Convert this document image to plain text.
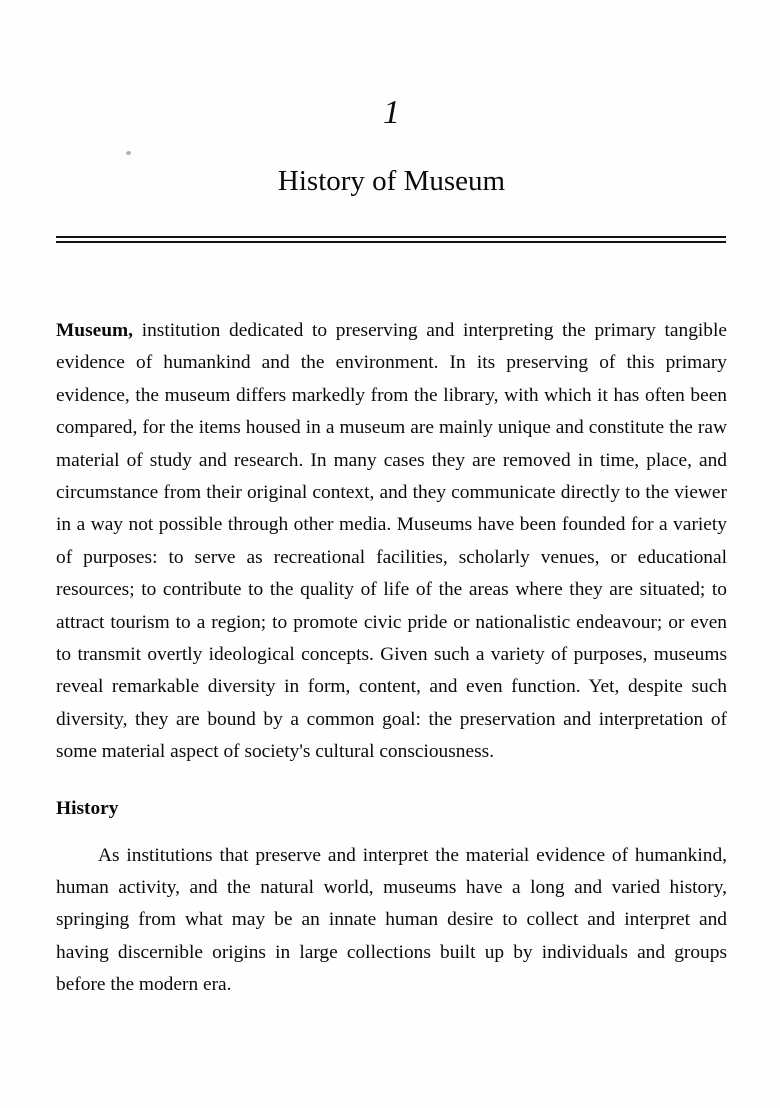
1
History of Museum

Museum, institution dedicated to preserving and interpreting the primary tangible evidence of humankind and the environment. In its preserving of this primary evidence, the museum differs markedly from the library, with which it has often been compared, for the items housed in a museum are mainly unique and constitute the raw material of study and research. In many cases they are removed in time, place, and circumstance from their original context, and they communicate directly to the viewer in a way not possible through other media. Museums have been founded for a variety of purposes: to serve as recreational facilities, scholarly venues, or educational resources; to contribute to the quality of life of the areas where they are situated; to attract tourism to a region; to promote civic pride or nationalistic endeavour; or even to transmit overtly ideological concepts. Given such a variety of purposes, museums reveal remarkable diversity in form, content, and even function. Yet, despite such diversity, they are bound by a common goal: the preservation and interpretation of some material aspect of society's cultural consciousness.

History

As institutions that preserve and interpret the material evidence of humankind, human activity, and the natural world, museums have a long and varied history, springing from what may be an innate human desire to collect and interpret and having discernible origins in large collections built up by individuals and groups before the modern era.
